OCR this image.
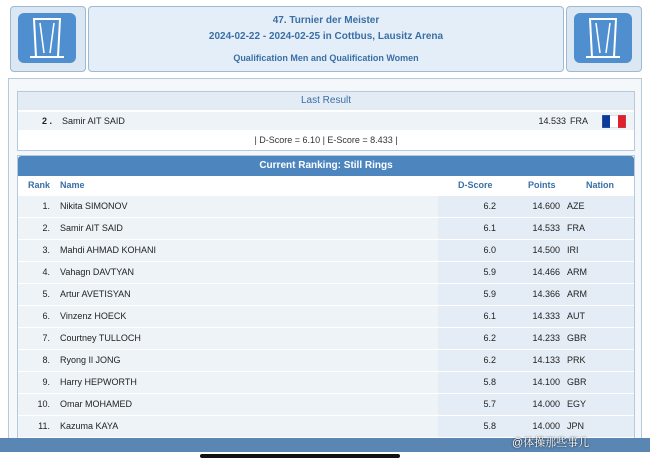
47. Turnier der Meister
2024-02-22 - 2024-02-25 in Cottbus, Lausitz Arena
Qualification Men and Qualification Women
Last Result
2 . Samir AIT SAID	14.533 FRA
| D-Score = 6.10 | E-Score = 8.433 |
Current Ranking: Still Rings
Rank Name	D-Score	Points	Nation
1. Nikita SIMONOV	6.2	14.600 AZE
2. Samir AIT SAID	6.1	14.533 FRA
3. Mahdi AHMAD KOHANI	6.0	14.500 IRI
4. Vahagn DAVTYAN	5.9	14.466 ARM
5. Artur AVETISYAN	5.9	14.366 ARM
6. Vinzenz HOECK	6.1	14.333 AUT
7. Courtney TULLOCH	6.2	14.233 GBR
8. Ryong Il JONG	6.2	14.133 PRK
9. Harry HEPWORTH	5.8	14.100 GBR
10. Omar MOHAMED	5.7	14.000 EGY
11. Kazuma KAYA	5.8	14.000 JPN
@体操那些事儿
